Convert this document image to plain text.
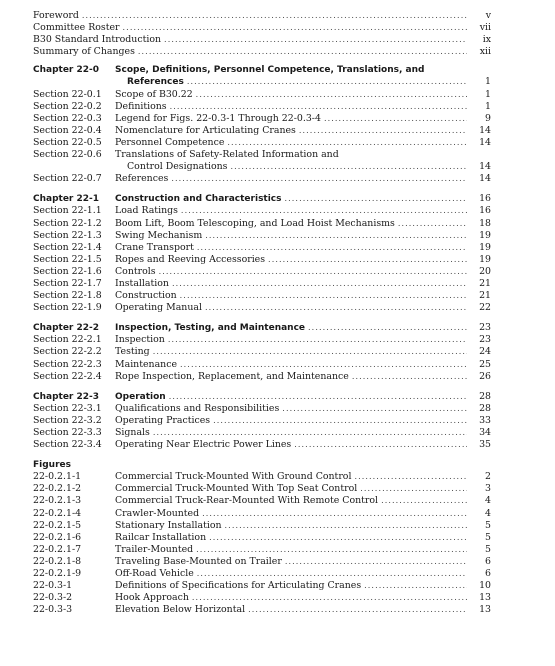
Foreword .....	v
Committee Roster .....	vii
B30 Standard Introduction .....	ix
Summary of Changes .....	xii
Chapter 22-0 Scope, Definitions, Personnel Competence, Translations, and
References .....	1
Section 22-0.1 Scope of B30.22 .....	1
Section 22-0.2 Definitions .....	1
Section 22-0.3 Legend for Figs. 22-0.3-1 Through 22-0.3-4 .....	9
Section 22-0.4 Nomenclature for Articulating Cranes .....	14
Section 22-0.5 Personnel Competence .....	14
Section 22-0.6 Translations of Safety-Related Information and
Control Designations .....	14
Section 22-0.7 References .....	14
Chapter 22-1 Construction and Characteristics .....	16
Section 22-1.1 Load Ratings .....	16
Section 22-1.2 Boom Lift, Boom Telescoping, and Load Hoist Mechanisms .....	18
Section 22-1.3 Swing Mechanism .....	19
Section 22-1.4 Crane Transport .....	19
Section 22-1.5 Ropes and Reeving Accessories .....	19
Section 22-1.6 Controls .....	20
Section 22-1.7 Installation .....	21
Section 22-1.8 Construction .....	21
Section 22-1.9 Operating Manual .....	22
Chapter 22-2 Inspection, Testing, and Maintenance .....	23
Section 22-2.1 Inspection .....	23
Section 22-2.2 Testing .....	24
Section 22-2.3 Maintenance .....	25
Section 22-2.4 Rope Inspection, Replacement, and Maintenance .....	26
Chapter 22-3 Operation .....	28
Section 22-3.1 Qualifications and Responsibilities .....	28
Section 22-3.2 Operating Practices .....	33
Section 22-3.3 Signals .....	34
Section 22-3.4 Operating Near Electric Power Lines .....	35
Figures
22-0.2.1-1	Commercial Truck-Mounted With Ground Control .....	2
22-0.2.1-2	Commercial Truck-Mounted With Top Seat Control .....	3
22-0.2.1-3	Commercial Truck-Rear-Mounted With Remote Control .....	4
22-0.2.1-4	Crawler-Mounted .....	4
22-0.2.1-5	Stationary Installation .....	5
22-0.2.1-6	Railcar Installation .....	5
22-0.2.1-7	Trailer-Mounted .....	5
22-0.2.1-8	Traveling Base-Mounted on Trailer .....	6
22-0.2.1-9	Off-Road Vehicle .....	6
22-0.3-1	Definitions of Specifications for Articulating Cranes .....	10
22-0.3-2	Hook Approach .....	13
22-0.3-3	Elevation Below Horizontal .....	13
